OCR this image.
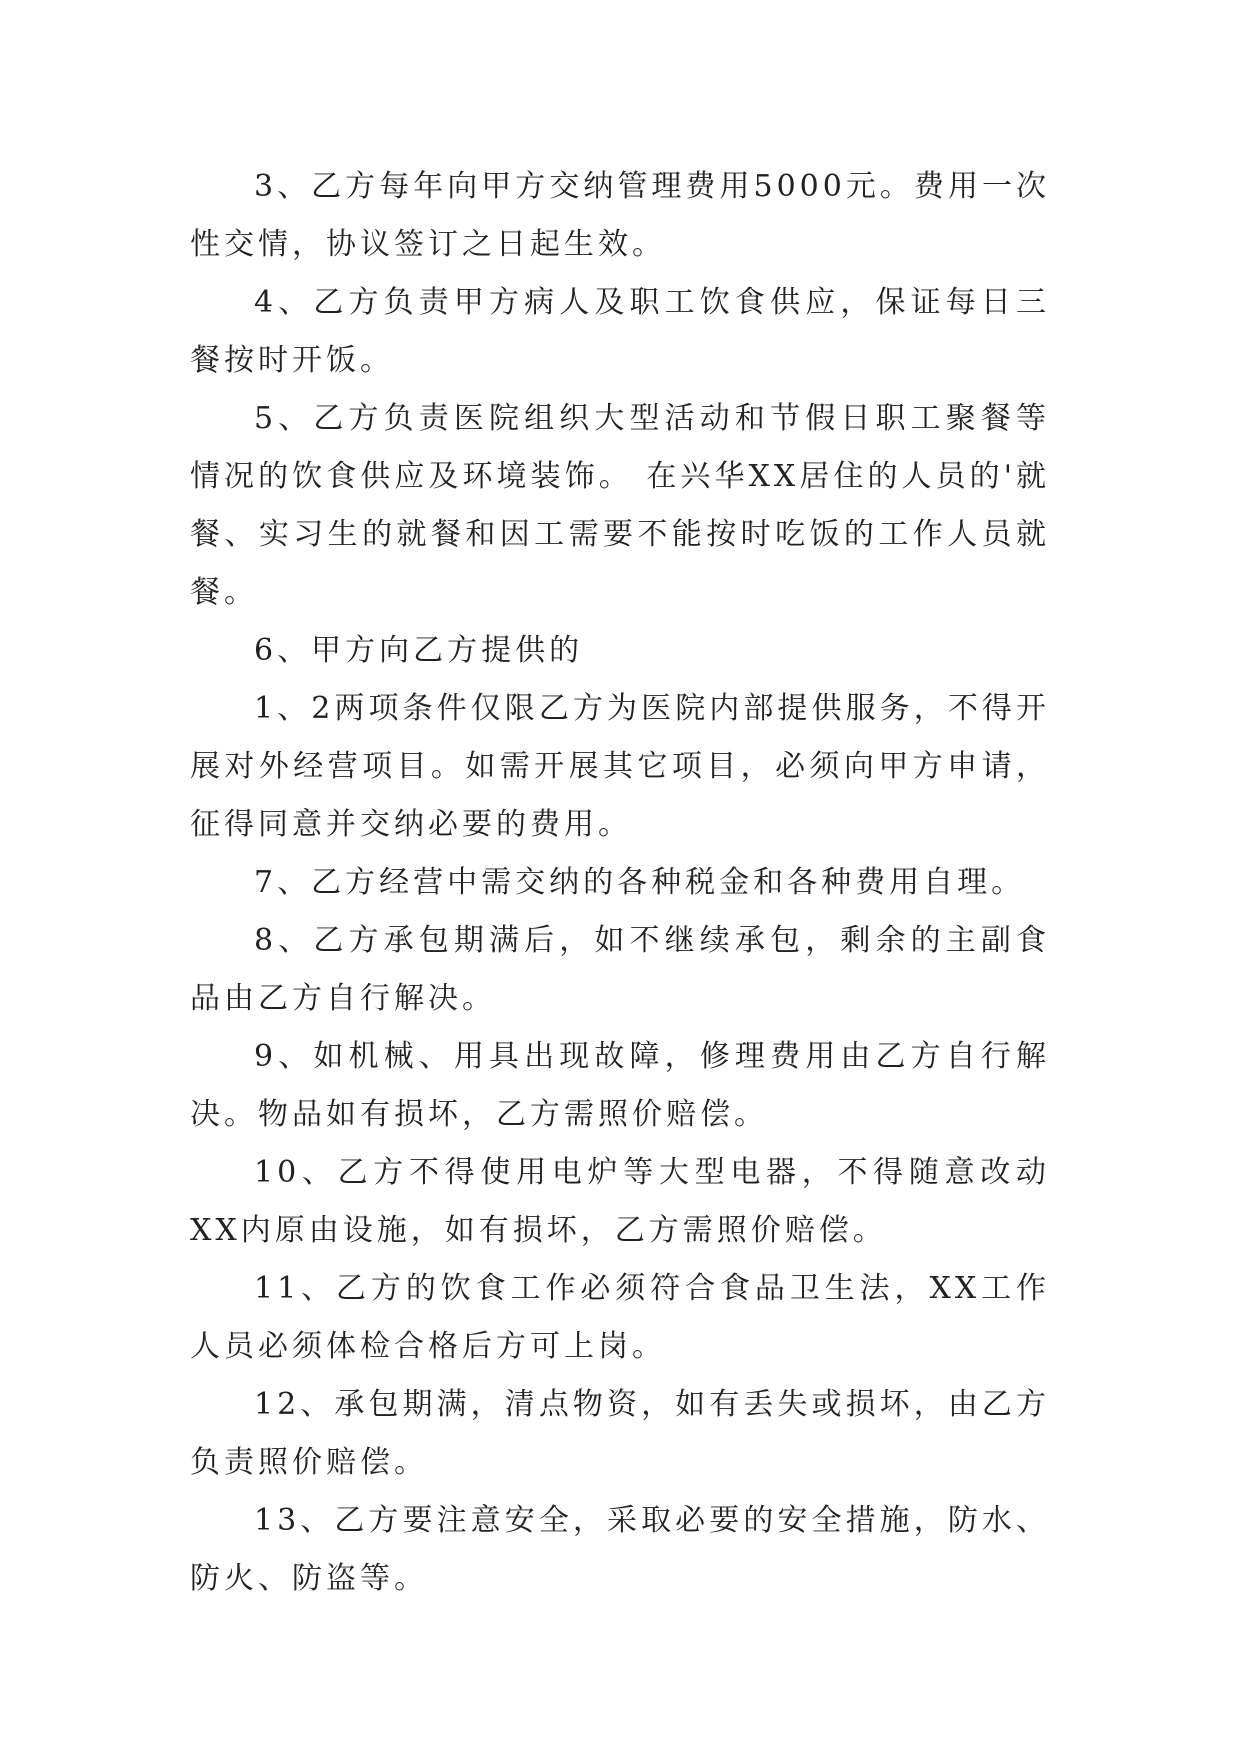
3、乙方每年向甲方交纳管理费用5000元。费用一次性交情，协议签订之日起生效。

4、乙方负责甲方病人及职工饮食供应，保证每日三餐按时开饭。

5、乙方负责医院组织大型活动和节假日职工聚餐等情况的饮食供应及环境装饰。 在兴华XX居住的人员的'就餐、实习生的就餐和因工需要不能按时吃饭的工作人员就餐。

6、甲方向乙方提供的

1、2两项条件仅限乙方为医院内部提供服务，不得开展对外经营项目。如需开展其它项目，必须向甲方申请，征得同意并交纳必要的费用。

7、乙方经营中需交纳的各种税金和各种费用自理。

8、乙方承包期满后，如不继续承包，剩余的主副食品由乙方自行解决。

9、如机械、用具出现故障，修理费用由乙方自行解决。物品如有损坏，乙方需照价赔偿。

10、乙方不得使用电炉等大型电器，不得随意改动XX内原由设施，如有损坏，乙方需照价赔偿。

11、乙方的饮食工作必须符合食品卫生法，XX工作人员必须体检合格后方可上岗。

12、承包期满，清点物资，如有丢失或损坏，由乙方负责照价赔偿。

13、乙方要注意安全，采取必要的安全措施，防水、防火、防盗等。
